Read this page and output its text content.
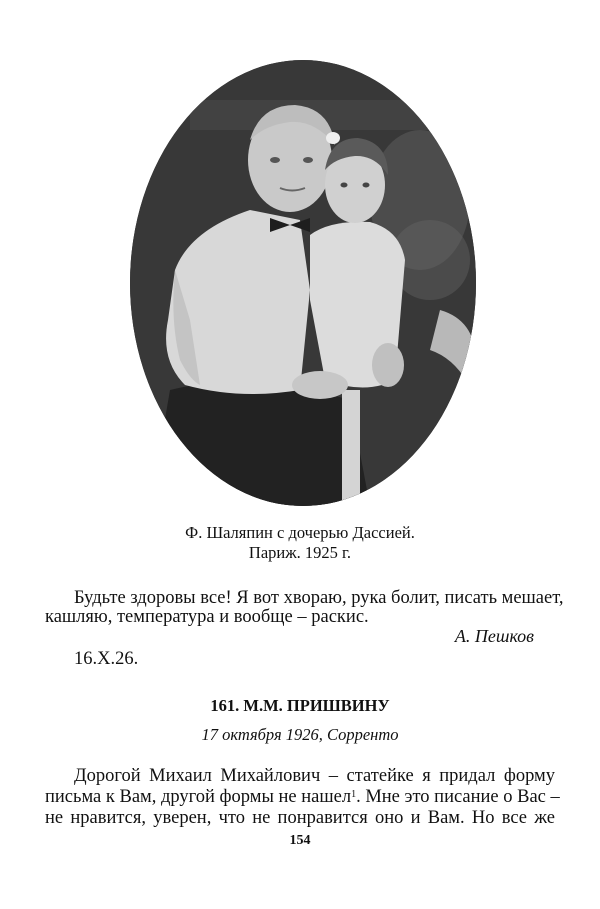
Ф. Шаляпин с дочерью Дассией.
Париж. 1925 г.
Будьте здоровы все! Я вот хвораю, рука болит, писать мешает,
кашляю, температура и вообще – раскис.
А. Пешков
16.X.26.
161. М.М. ПРИШВИНУ
17 октября 1926, Сорренто
Дорогой Михаил Михайлович – статейке я придал форму
письма к Вам, другой формы не нашел$^1$. Мне это писание о Вас –
не нравится, уверен, что не понравится оно и Вам. Но все же
154
